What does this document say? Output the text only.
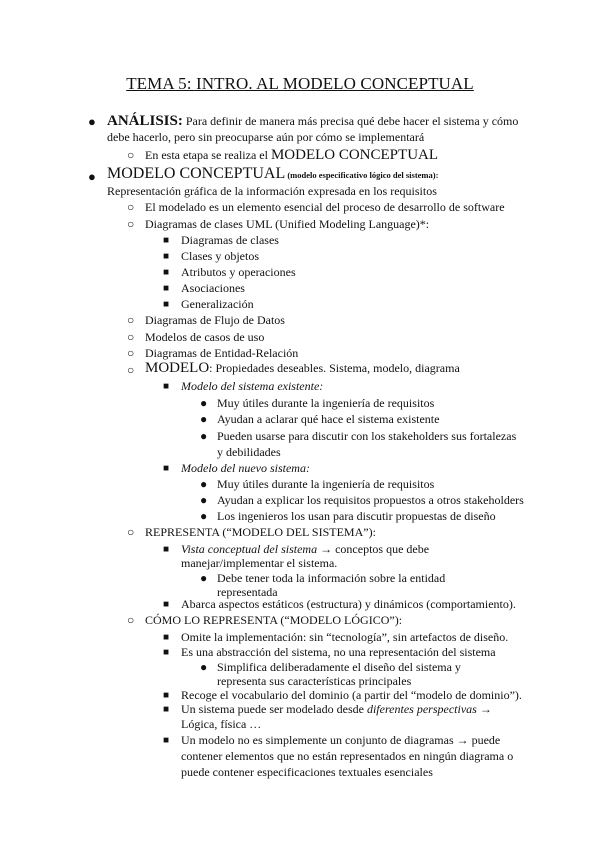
TEMA 5: INTRO. AL MODELO CONCEPTUAL
● ANÁLISIS: Para definir de manera más precisa qué debe hacer el sistema y cómo
debe hacerlo, pero sin preocuparse aún por cómo se implementará
○ En esta etapa se realiza el MODELO CONCEPTUAL
● MODELO CONCEPTUAL (modelo especificativo lógico del sistema):
Representación gráfica de la información expresada en los requisitos
○ El modelado es un elemento esencial del proceso de desarrollo de software
○ Diagramas de clases UML (Unified Modeling Language)*:
■ Diagramas de clases
■ Clases y objetos
■ Atributos y operaciones
■ Asociaciones
■ Generalización
○ Diagramas de Flujo de Datos
○ Modelos de casos de uso
○ Diagramas de Entidad-Relación
○ MODELO: Propiedades deseables. Sistema, modelo, diagrama
■ Modelo del sistema existente:
● Muy útiles durante la ingeniería de requisitos
● Ayudan a aclarar qué hace el sistema existente
● Pueden usarse para discutir con los stakeholders sus fortalezas
y debilidades
■ Modelo del nuevo sistema:
● Muy útiles durante la ingeniería de requisitos
● Ayudan a explicar los requisitos propuestos a otros stakeholders
● Los ingenieros los usan para discutir propuestas de diseño
○ REPRESENTA (“MODELO DEL SISTEMA”):
■ Vista conceptual del sistema → conceptos que debe
manejar/implementar el sistema.
● Debe tener toda la información sobre la entidad
representada
■ Abarca aspectos estáticos (estructura) y dinámicos (comportamiento).
○ CÓMO LO REPRESENTA (“MODELO LÓGICO”):
■ Omite la implementación: sin “tecnología”, sin artefactos de diseño.
■ Es una abstracción del sistema, no una representación del sistema
● Simplifica deliberadamente el diseño del sistema y
representa sus características principales
■ Recoge el vocabulario del dominio (a partir del “modelo de dominio”).
■ Un sistema puede ser modelado desde diferentes perspectivas →
Lógica, física …
■ Un modelo no es simplemente un conjunto de diagramas → puede
contener elementos que no están representados en ningún diagrama o
puede contener especificaciones textuales esenciales
